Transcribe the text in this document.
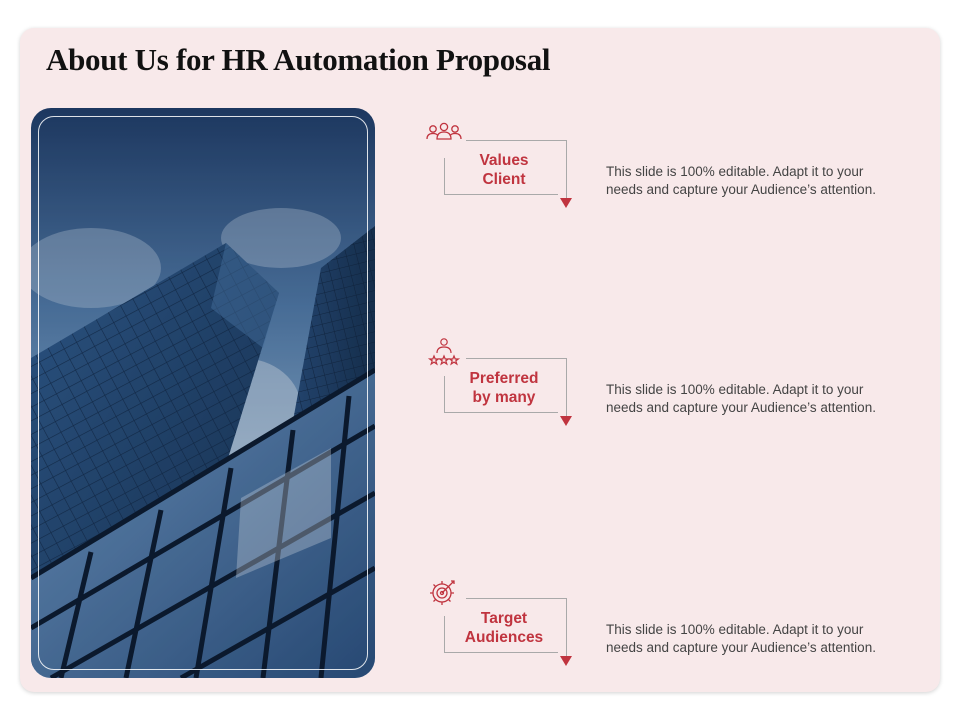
About Us for HR Automation Proposal
Values
Client	This slide is 100% editable. Adapt it to your
needs and capture your Audience’s attention.
Preferred
by many	This slide is 100% editable. Adapt it to your
needs and capture your Audience’s attention.
Target
Audiences	This slide is 100% editable. Adapt it to your
needs and capture your Audience’s attention.
